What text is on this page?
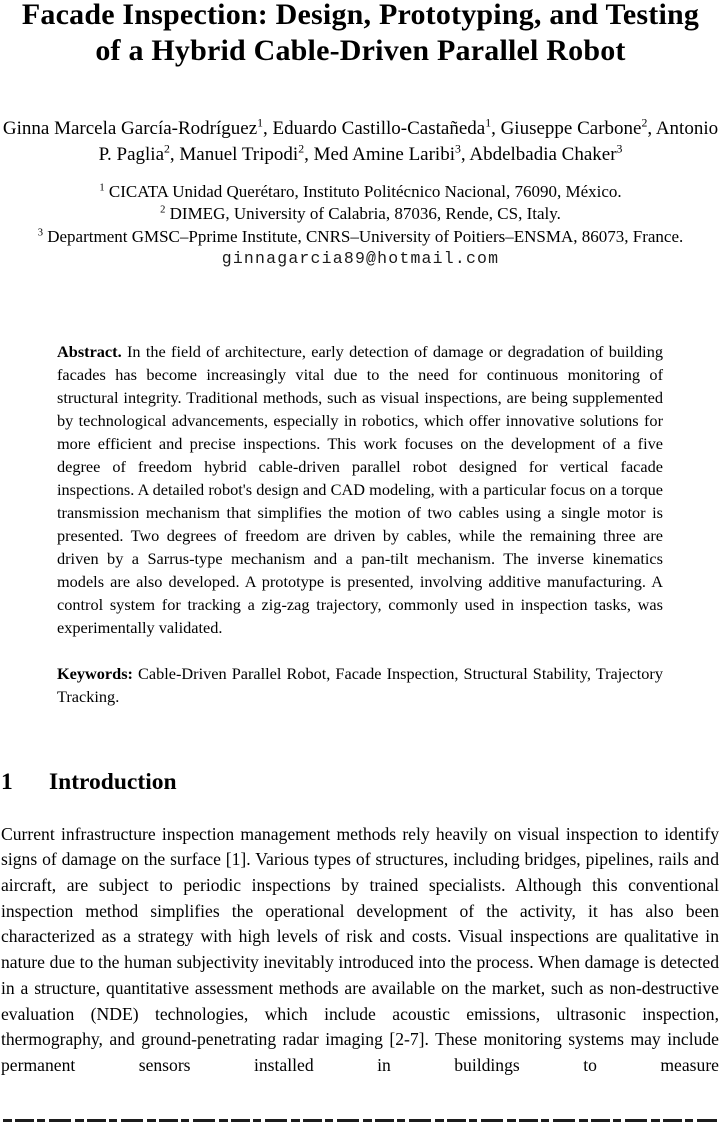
Facade Inspection: Design, Prototyping, and Testing of a Hybrid Cable-Driven Parallel Robot
Ginna Marcela García-Rodríguez$^1$, Eduardo Castillo-Castañeda$^1$, Giuseppe Carbone$^2$, Antonio P. Paglia$^2$, Manuel Tripodi$^2$, Med Amine Laribi$^3$, Abdelbadia Chaker$^3$
$^1$ CICATA Unidad Querétaro, Instituto Politécnico Nacional, 76090, México.
$^2$ DIMEG, University of Calabria, 87036, Rende, CS, Italy.
$^3$ Department GMSC–Pprime Institute, CNRS–University of Poitiers–ENSMA, 86073, France.
ginnagarcia89@hotmail.com

Abstract. In the field of architecture, early detection of damage or degradation of building facades has become increasingly vital due to the need for continuous monitoring of structural integrity. Traditional methods, such as visual inspections, are being supplemented by technological advancements, especially in robotics, which offer innovative solutions for more efficient and precise inspections. This work focuses on the development of a five degree of freedom hybrid cable-driven parallel robot designed for vertical facade inspections. A detailed robot's design and CAD modeling, with a particular focus on a torque transmission mechanism that simplifies the motion of two cables using a single motor is presented. Two degrees of freedom are driven by cables, while the remaining three are driven by a Sarrus-type mechanism and a pan-tilt mechanism. The inverse kinematics models are also developed. A prototype is presented, involving additive manufacturing. A control system for tracking a zig-zag trajectory, commonly used in inspection tasks, was experimentally validated.

Keywords: Cable-Driven Parallel Robot, Facade Inspection, Structural Stability, Trajectory Tracking.

1 Introduction

Current infrastructure inspection management methods rely heavily on visual inspection to identify signs of damage on the surface [1]. Various types of structures, including bridges, pipelines, rails and aircraft, are subject to periodic inspections by trained specialists. Although this conventional inspection method simplifies the operational development of the activity, it has also been characterized as a strategy with high levels of risk and costs. Visual inspections are qualitative in nature due to the human subjectivity inevitably introduced into the process. When damage is detected in a structure, quantitative assessment methods are available on the market, such as non-destructive evaluation (NDE) technologies, which include acoustic emissions, ultrasonic inspection, thermography, and ground-penetrating radar imaging [2-7]. These monitoring systems may include permanent sensors installed in buildings to measure
